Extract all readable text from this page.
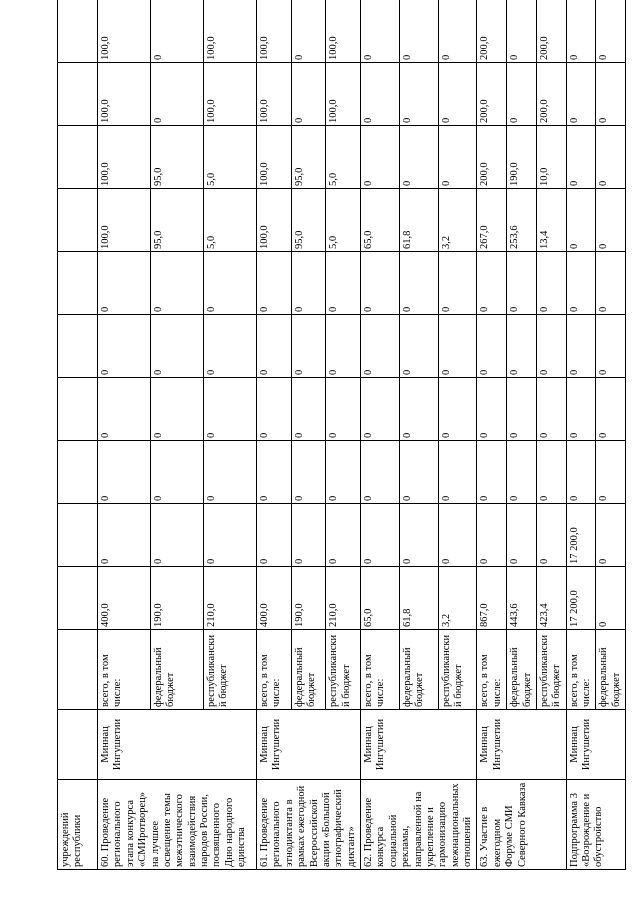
учреждений республики												
60. Проведение регионального этапа конкурса «СМИротворец» на лучшее освещение темы межэтнического взаимодействия народов России, посвященного Дню народного единства	Миннац Ингушетии	всего, в том числе:	400,0	0	0	0	0	0	100,0	100,0	100,0	100,0
		федеральный бюджет	190,0	0	0	0	0	0	95,0	95,0	0	0
		республиканский бюджет	210,0	0	0	0	0	0	5,0	5,0	100,0	100,0
61. Проведение регионального этнодиктанта в рамках ежегодной Всероссийской акции «Большой этнографический диктант»	Миннац Ингушетии	всего, в том числе:	400,0	0	0	0	0	0	100,0	100,0	100,0	100,0
		федеральный бюджет	190,0	0	0	0	0	0	95,0	95,0	0	0
		республиканский бюджет	210,0	0	0	0	0	0	5,0	5,0	100,0	100,0
62. Проведение конкурса социальной рекламы, направленной на укрепление и гармонизацию межнациональных отношений	Миннац Ингушетии	всего, в том числе:	65,0	0	0	0	0	0	65,0	0	0	0
		федеральный бюджет	61,8	0	0	0	0	0	61,8	0	0	0
		республиканский бюджет	3,2	0	0	0	0	0	3,2	0	0	0
63. Участие в ежегодном Форуме СМИ Северного Кавказа	Миннац Ингушетии	всего, в том числе:	867,0	0	0	0	0	0	267,0	200,0	200,0	200,0
		федеральный бюджет	443,6	0	0	0	0	0	253,6	190,0	0	0
		республиканский бюджет	423,4	0	0	0	0	0	13,4	10,0	200,0	200,0
Подпрограмма 3 «Возрождение и обустройство	Миннац Ингушетии	всего, в том числе:	17 200,0	17 200,0	0	0	0	0	0	0	0	0
		федеральный бюджет	0	0	0	0	0	0	0	0	0	0
